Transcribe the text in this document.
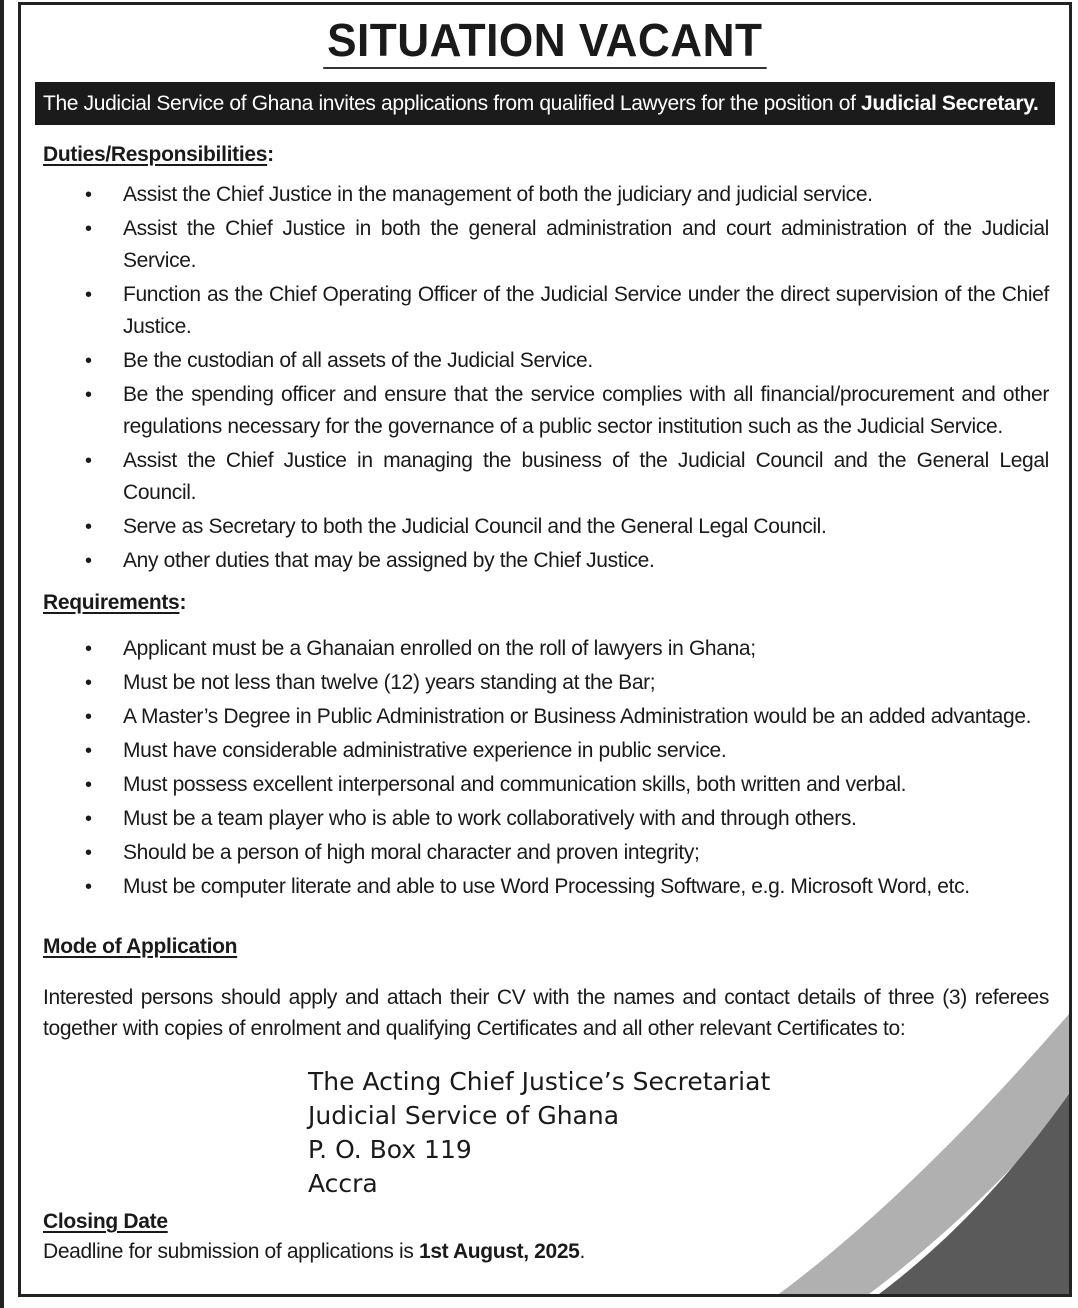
SITUATION VACANT
The Judicial Service of Ghana invites applications from qualified Lawyers for the position of Judicial Secretary.
Duties/Responsibilities:
• Assist the Chief Justice in the management of both the judiciary and judicial service.
• Assist the Chief Justice in both the general administration and court administration of the Judicial Service.
• Function as the Chief Operating Officer of the Judicial Service under the direct supervision of the Chief Justice.
• Be the custodian of all assets of the Judicial Service.
• Be the spending officer and ensure that the service complies with all financial/procurement and other regulations necessary for the governance of a public sector institution such as the Judicial Service.
• Assist the Chief Justice in managing the business of the Judicial Council and the General Legal Council.
• Serve as Secretary to both the Judicial Council and the General Legal Council.
• Any other duties that may be assigned by the Chief Justice.
Requirements:
• Applicant must be a Ghanaian enrolled on the roll of lawyers in Ghana;
• Must be not less than twelve (12) years standing at the Bar;
• A Master’s Degree in Public Administration or Business Administration would be an added advantage.
• Must have considerable administrative experience in public service.
• Must possess excellent interpersonal and communication skills, both written and verbal.
• Must be a team player who is able to work collaboratively with and through others.
• Should be a person of high moral character and proven integrity;
• Must be computer literate and able to use Word Processing Software, e.g. Microsoft Word, etc.
Mode of Application
Interested persons should apply and attach their CV with the names and contact details of three (3) referees together with copies of enrolment and qualifying Certificates and all other relevant Certificates to:
The Acting Chief Justice’s Secretariat
Judicial Service of Ghana
P. O. Box 119
Accra
Closing Date
Deadline for submission of applications is 1st August, 2025.
